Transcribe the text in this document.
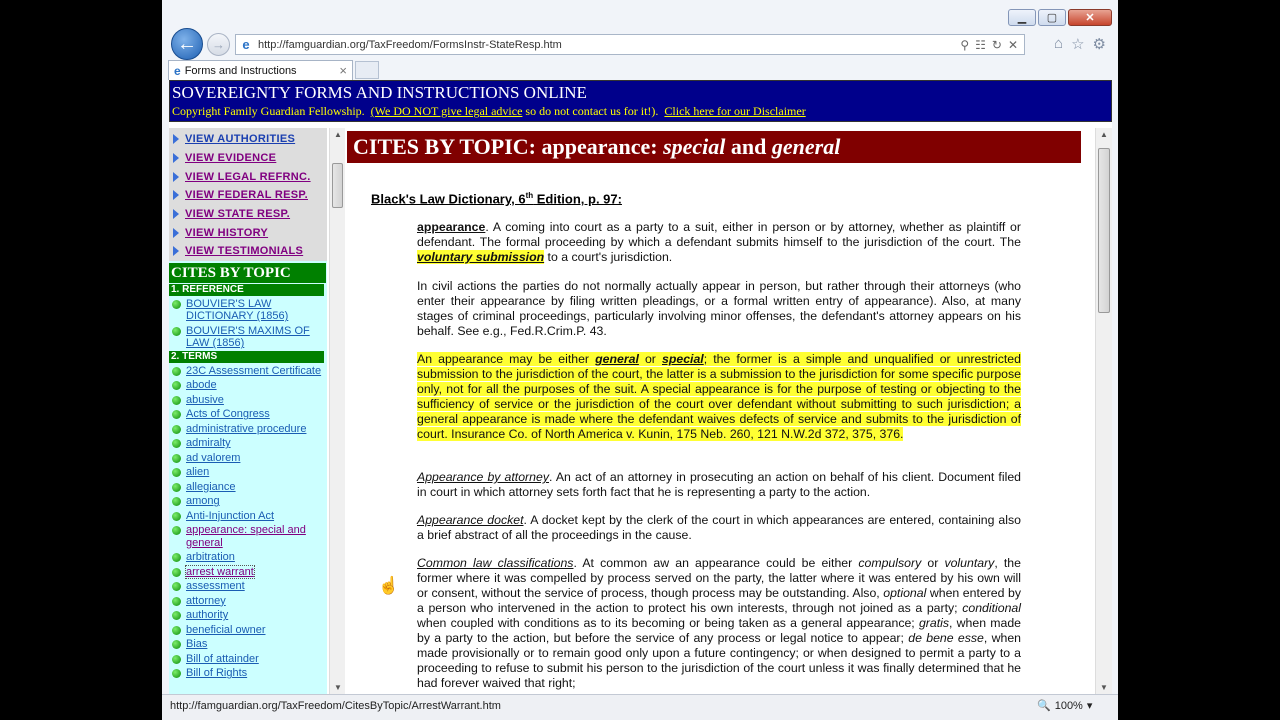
▁	▢	✕
← → e http://famguardian.org/TaxFreedom/FormsInstr-StateResp.htm	⚲ ☷ ↻ ✕ ⌂ ☆ ⚙
e Forms and Instructions	×
SOVEREIGNTY FORMS AND INSTRUCTIONS ONLINE
Copyright Family Guardian Fellowship. (We DO NOT give legal advice so do not contact us for it!). Click here for our Disclaimer
VIEW AUTHORITIES
VIEW EVIDENCE
VIEW LEGAL REFRNC.
VIEW FEDERAL RESP.
VIEW STATE RESP.
VIEW HISTORY
VIEW TESTIMONIALS
CITES BY TOPIC
1. REFERENCE
BOUVIER'S LAW DICTIONARY (1856)
BOUVIER'S MAXIMS OF LAW (1856)
2. TERMS
23C Assessment Certificate
abode
abusive
Acts of Congress
administrative procedure
admiralty
ad valorem
alien
allegiance
among
Anti-Injunction Act
appearance: special and general
arbitration
arrest warrant
assessment
attorney
authority
beneficial owner
Bias
Bill of attainder
Bill of Rights
▲
▼
CITES BY TOPIC: appearance: special and general
Black's Law Dictionary, 6th Edition, p. 97:
appearance. A coming into court as a party to a suit, either in person or by attorney, whether as plaintiff or defendant. The formal proceeding by which a defendant submits himself to the jurisdiction of the court. The voluntary submission to a court's jurisdiction.
In civil actions the parties do not normally actually appear in person, but rather through their attorneys (who enter their appearance by filing written pleadings, or a formal written entry of appearance). Also, at many stages of criminal proceedings, particularly involving minor offenses, the defendant's attorney appears on his behalf. See e.g., Fed.R.Crim.P. 43.
An appearance may be either general or special; the former is a simple and unqualified or unrestricted submission to the jurisdiction of the court, the latter is a submission to the jurisdiction for some specific purpose only, not for all the purposes of the suit. A special appearance is for the purpose of testing or objecting to the sufficiency of service or the jurisdiction of the court over defendant without submitting to such jurisdiction; a general appearance is made where the defendant waives defects of service and submits to the jurisdiction of court. Insurance Co. of North America v. Kunin, 175 Neb. 260, 121 N.W.2d 372, 375, 376.
Appearance by attorney. An act of an attorney in prosecuting an action on behalf of his client. Document filed in court in which attorney sets forth fact that he is representing a party to the action.
Appearance docket. A docket kept by the clerk of the court in which appearances are entered, containing also a brief abstract of all the proceedings in the cause.
Common law classifications. At common aw an appearance could be either compulsory or voluntary, the former where it was compelled by process served on the party, the latter where it was entered by his own will or consent, without the service of process, though process may be outstanding. Also, optional when entered by a person who intervened in the action to protect his own interests, through not joined as a party; conditional when coupled with conditions as to its becoming or being taken as a general appearance; gratis, when made by a party to the action, but before the service of any process or legal notice to appear; de bene esse, when made provisionally or to remain good only upon a future contingency; or when designed to permit a party to a proceeding to refuse to submit his person to the jurisdiction of the court unless it was finally determined that he had forever waived that right;
▲
▼
http://famguardian.org/TaxFreedom/CitesByTopic/ArrestWarrant.htm	🔍 100% ▾
☝
